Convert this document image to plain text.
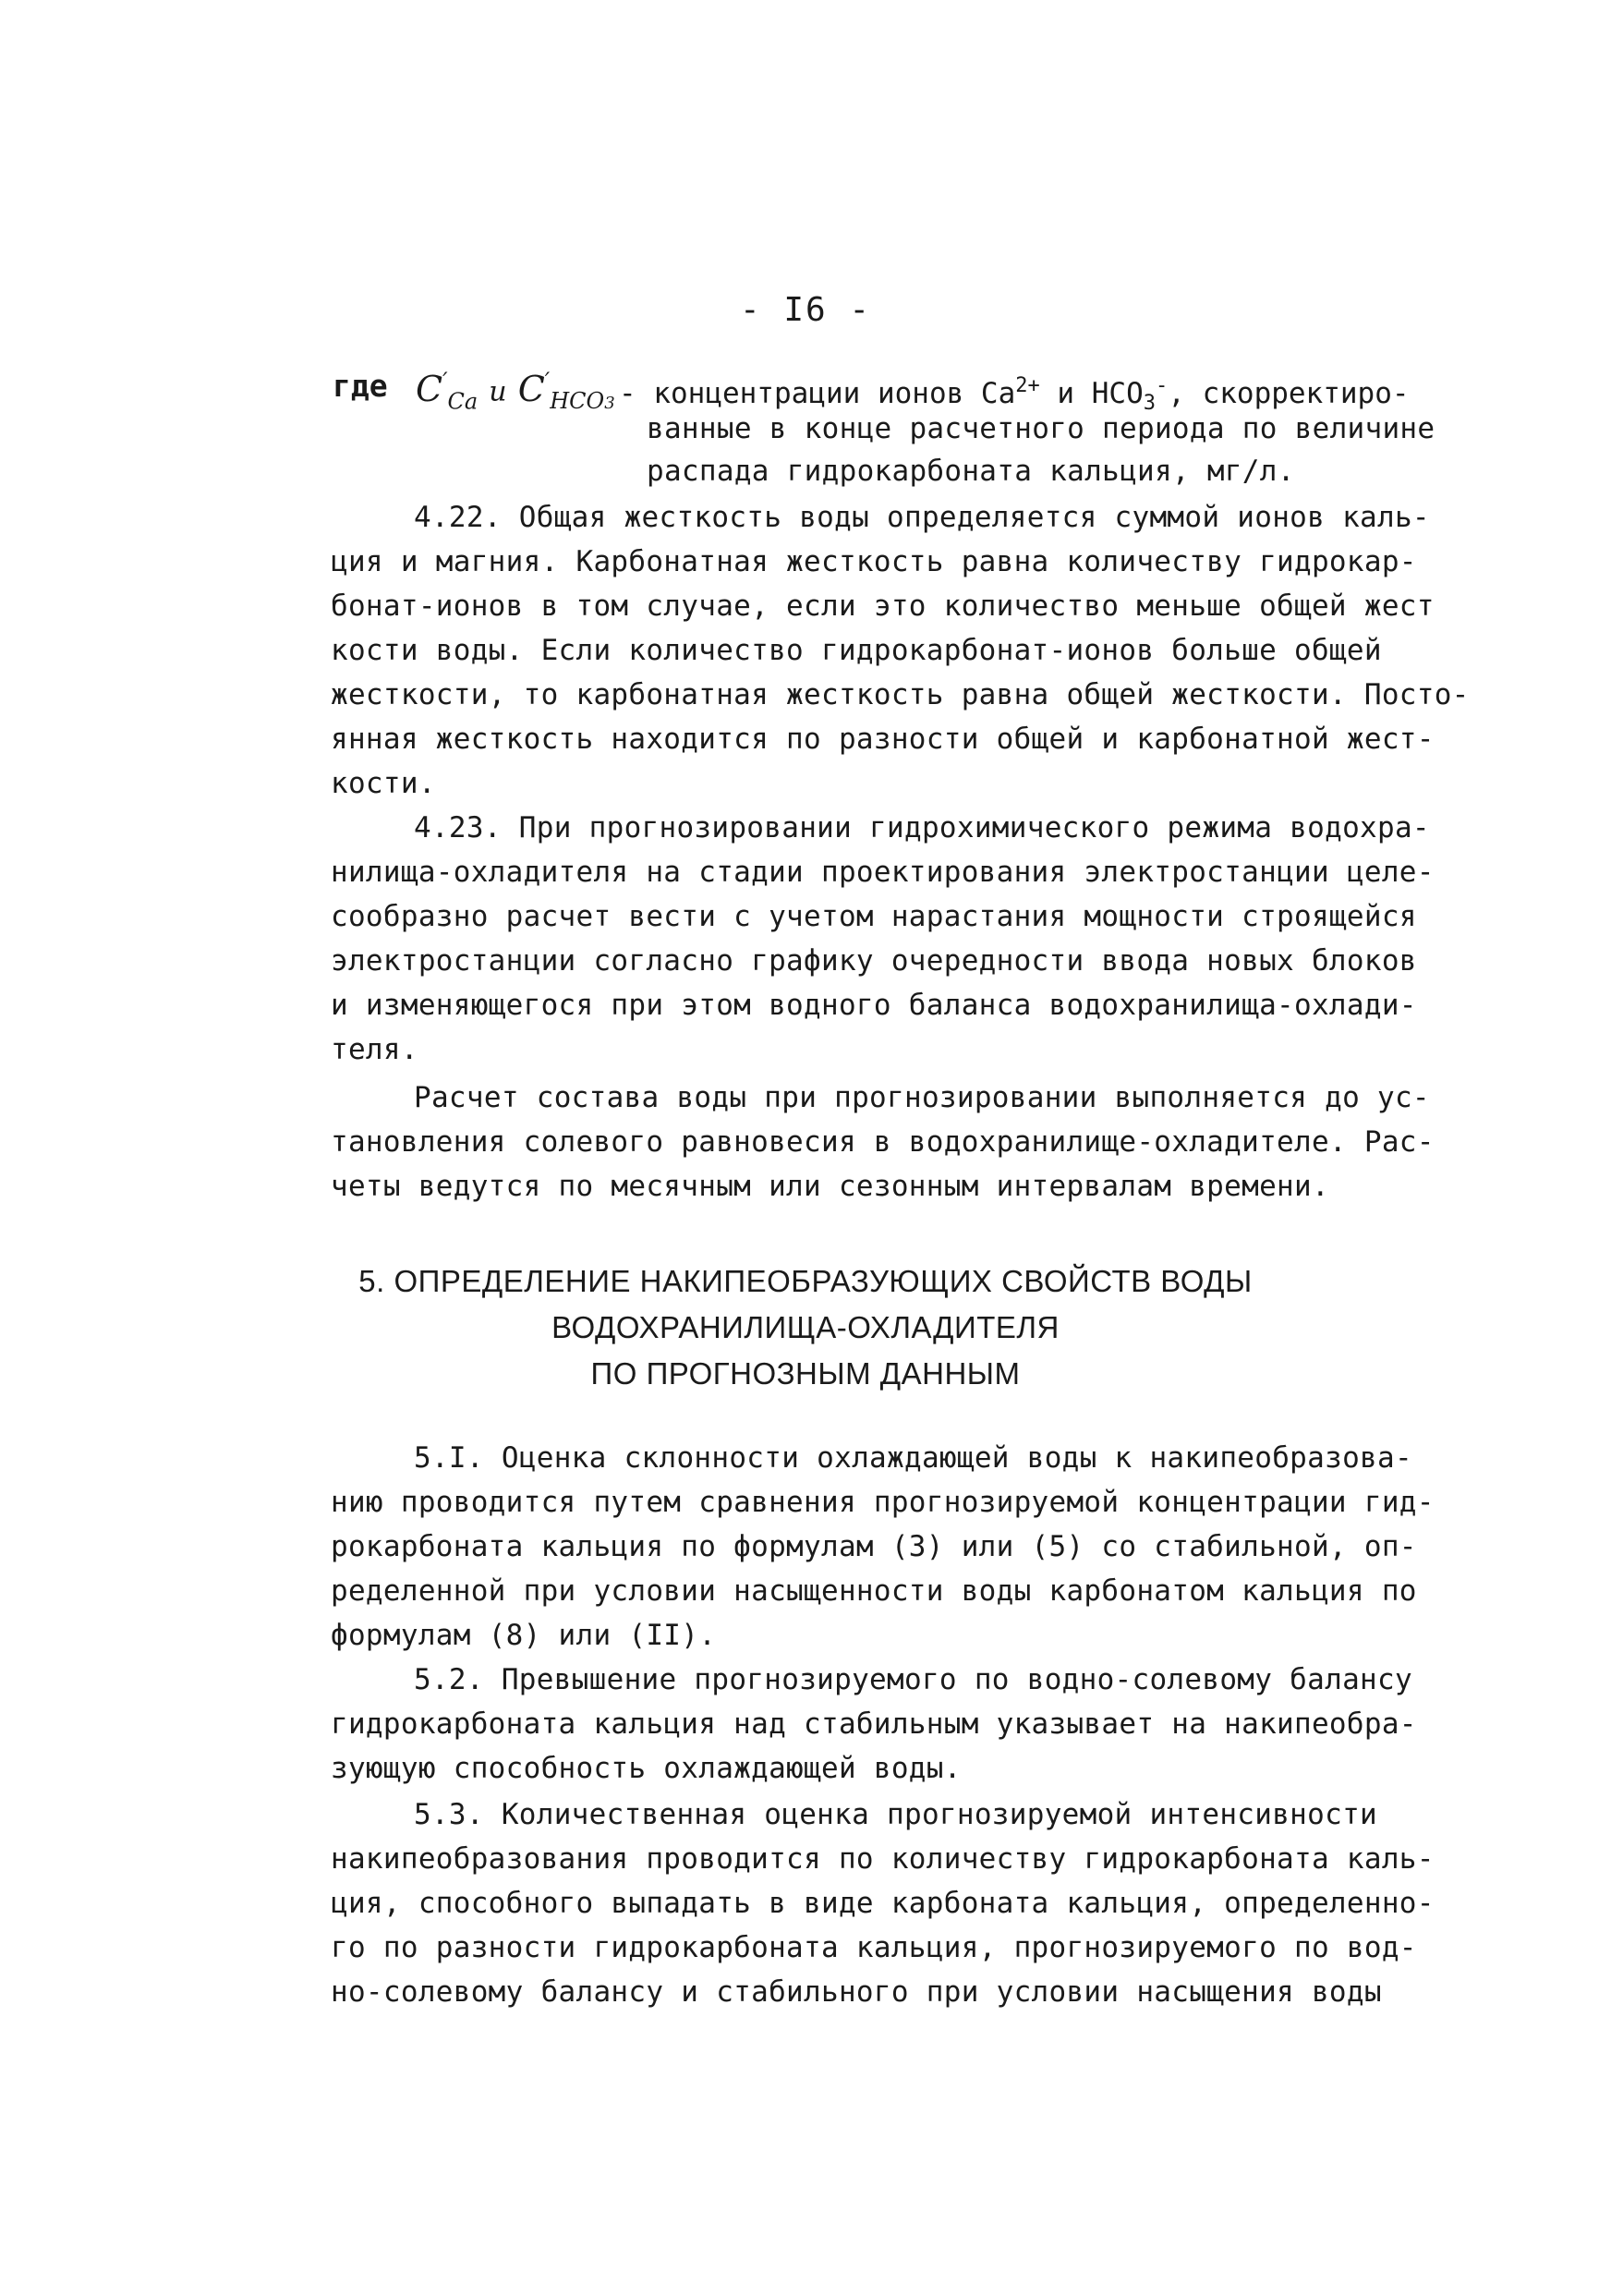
- I6 -
где $C'_{Ca}$ и $C'_{HCO3}$ - концентрации ионов $Ca^{2+}$ и $HCO_3^-$, скорректиро-
ванные в конце расчетного периода по величине
распада гидрокарбоната кальция, мг/л.
4.22. Общая жесткость воды определяется суммой ионов каль-
ция и магния. Карбонатная жесткость равна количеству гидрокар-
бонат-ионов в том случае, если это количество меньше общей жест
кости воды. Если количество гидрокарбонат-ионов больше общей
жесткости, то карбонатная жесткость равна общей жесткости. Посто-
янная жесткость находится по разности общей и карбонатной жест-
кости.
4.23. При прогнозировании гидрохимического режима водохра-
нилища-охладителя на стадии проектирования электростанции целе-
сообразно расчет вести с учетом нарастания мощности строящейся
электростанции согласно графику очередности ввода новых блоков
и изменяющегося при этом водного баланса водохранилища-охлади-
теля.
Расчет состава воды при прогнозировании выполняется до ус-
тановления солевого равновесия в водохранилище-охладителе. Рас-
четы ведутся по месячным или сезонным интервалам времени.
5. ОПРЕДЕЛЕНИЕ НАКИПЕОБРАЗУЮЩИХ СВОЙСТВ ВОДЫ
ВОДОХРАНИЛИЩА-ОХЛАДИТЕЛЯ
ПО ПРОГНОЗНЫМ ДАННЫМ
5.I. Оценка склонности охлаждающей воды к накипеобразова-
нию проводится путем сравнения прогнозируемой концентрации гид-
рокарбоната кальция по формулам (3) или (5) со стабильной, оп-
ределенной при условии насыщенности воды карбонатом кальция по
формулам (8) или (II).
5.2. Превышение прогнозируемого по водно-солевому балансу
гидрокарбоната кальция над стабильным указывает на накипеобра-
зующую способность охлаждающей воды.
5.3. Количественная оценка прогнозируемой интенсивности
накипеобразования проводится по количеству гидрокарбоната каль-
ция, способного выпадать в виде карбоната кальция, определенно-
го по разности гидрокарбоната кальция, прогнозируемого по вод-
но-солевому балансу и стабильного при условии насыщения воды
